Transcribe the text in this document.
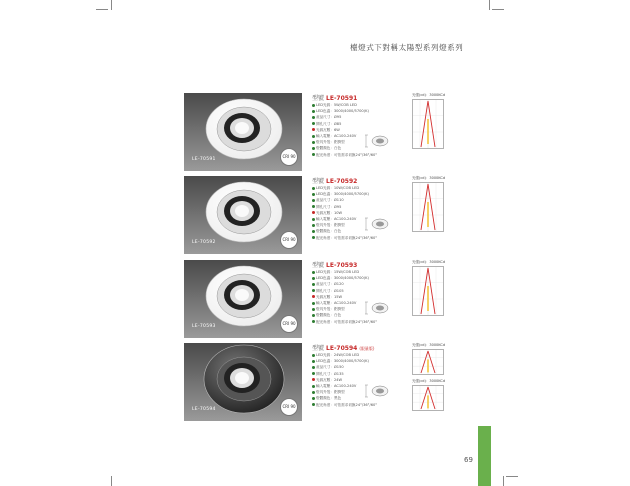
檯燈式下對稱太陽型系列燈系列
LE-70591
CRI 90
型號 LE-70591
LED光源：5W/COB LED
LED色溫：3000/4000/5700(K)
產品尺寸：Ø95
開孔尺寸：Ø85
光源瓦數：6W
輸入電壓：AC100-240V
燈具外殼：鋁擠型
燈體顏色：白色
配光角度：可依需求切換24°/36°/60°
光強(cd)：3000KCd
LE-70592
CRI 90
型號 LE-70592
LED光源：10W/COB LED
LED色溫：3000/4000/5700(K)
產品尺寸：Ø110
開孔尺寸：Ø95
光源瓦數：10W
輸入電壓：AC100-240V
燈具外殼：鋁擠型
燈體顏色：白色
配光角度：可依需求切換24°/36°/60°
光強(cd)：3000KCd
LE-70593
CRI 90
型號 LE-70593
LED光源：15W/COB LED
LED色溫：3000/4000/5700(K)
產品尺寸：Ø120
開孔尺寸：Ø105
光源瓦數：15W
輸入電壓：AC100-240V
燈具外殼：鋁擠型
燈體顏色：白色
配光角度：可依需求切換24°/36°/60°
光強(cd)：3000KCd
LE-70594
CRI 90
型號 LE-70594 (限量版)
LED光源：24W/COB LED
LED色溫：3000/4000/5700(K)
產品尺寸：Ø150
開孔尺寸：Ø135
光源瓦數：24W
輸入電壓：AC100-240V
燈具外殼：鋁擠型
燈體顏色：黑色
配光角度：可依需求切換24°/36°/60°
光強(cd)：3000KCd
光強(cd)：3000KCd
69
